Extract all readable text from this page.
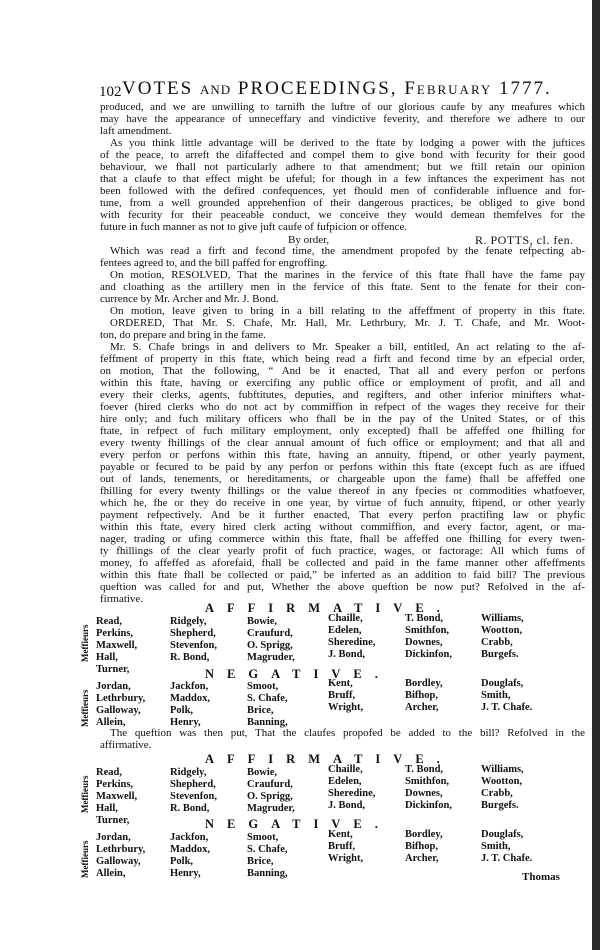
102 VOTES AND PROCEEDINGS, February 1777.
produced, and we are unwilling to tarnifh the luftre of our glorious caufe by any meafures which
may have the appearance of unneceffary and vindictive feverity, and therefore we adhere to our
laft amendment.
As you think little advantage will be derived to the ftate by lodging a power with the juftices
of the peace, to arreft the difaffected and compel them to give bond with fecurity for their good
behaviour, we fhall not particularly adhere to that amendment; but we ftill retain our opinion
that a claufe to that effect might be ufeful; for though in a few inftances the experiment has not
been followed with the defired confequences, yet fhould men of confiderable influence and for-
tune, from a well grounded apprehenfion of their dangerous practices, be obliged to give bond
with fecurity for their peaceable conduct, we conceive they would demean themfelves for the
future in fuch manner as not to give juft caufe of fufpicion or offence.
Which was read a firft and fecond time, the amendment propofed by the fenate refpecting ab-
fentees agreed to, and the bill paffed for engroffing.
On motion, RESOLVED, That the marines in the fervice of this ftate fhall have the fame pay
and cloathing as the artillery men in the fervice of this ftate. Sent to the fenate for their con-
currence by Mr. Archer and Mr. J. Bond.
On motion, leave given to bring in a bill relating to the affeffment of property in this ftate.
ORDERED, That Mr. S. Chafe, Mr. Hall, Mr. Lethrbury, Mr. J. T. Chafe, and Mr. Woot-
ton, do prepare and bring in the fame.
Mr. S. Chafe brings in and delivers to Mr. Speaker a bill, entitled, An act relating to the af-
feffment of property in this ftate, which being read a firft and fecond time by an efpecial order,
on motion, That the following, “ And be it enacted, That all and every perfon or perfons
within this ftate, having or exercifing any public office or employment of profit, and all and
every their clerks, agents, fubftitutes, deputies, and regifters, and other inferior minifters what-
foever (hired clerks who do not act by commiffion in refpect of the wages they receive for their
hire only; and fuch military officers who fhall be in the pay of the United States, or of this
ftate, in refpect of fuch military employment, only excepted) fhall be affeffed one fhilling for
every twenty fhillings of the clear annual amount of fuch office or employment; and that all and
every perfon or perfons within this ftate, having an annuity, ftipend, or other yearly payment,
payable or fecured to be paid by any perfon or perfons within this ftate (except fuch as are iffued
out of lands, tenements, or hereditaments, or chargeable upon the fame) fhall be affeffed one
fhilling for every twenty fhillings or the value thereof in any fpecies or commodities whatfoever,
which he, fhe or they do receive in one year, by virtue of fuch annuity, ftipend, or other yearly
payment refpectively. And be it further enacted, That every perfon practifing law or phyfic
within this ftate, every hired clerk acting without commiffion, and every factor, agent, or ma-
nager, trading or ufing commerce within this ftate, fhall be affeffed one fhilling for every twen-
ty fhillings of the clear yearly profit of fuch practice, wages, or factorage: All which fums of
money, fo affeffed as aforefaid, fhall be collected and paid in the fame manner other affeffments
within this ftate fhall be collected or paid,” be inferted as an addition to faid bill? The previous
queftion was called for and put, Whether the above queftion be now put? Refolved in the af-
firmative.
By order,	R. POTTS, cl. fen.
The queftion was then put, That the claufes propofed be added to the bill? Refolved in the
affirmative.
AFFIRMATIVE.
Meffieurs
Read,
Perkins,
Maxwell,
Hall,
Turner,
Ridgely,
Shepherd,
Stevenfon,
R. Bond,
Bowie,
Craufurd,
O. Sprigg,
Magruder,
Chaille,
Edelen,
Sheredine,
J. Bond,
T. Bond,
Smithfon,
Downes,
Dickinfon,
Williams,
Wootton,
Crabb,
Burgefs.
NEGATIVE.
Meffieurs
Jordan,
Lethrbury,
Galloway,
Allein,
Jackfon,
Maddox,
Polk,
Henry,
Smoot,
S. Chafe,
Brice,
Banning,
Kent,
Bruff,
Wright,
Bordley,
Bifhop,
Archer,
Douglafs,
Smith,
J. T. Chafe.
AFFIRMATIVE.
Meffieurs
Read,
Perkins,
Maxwell,
Hall,
Turner,
Ridgely,
Shepherd,
Stevenfon,
R. Bond,
Bowie,
Craufurd,
O. Sprigg,
Magruder,
Chaille,
Edelen,
Sheredine,
J. Bond,
T. Bond,
Smithfon,
Downes,
Dickinfon,
Williams,
Wootton,
Crabb,
Burgefs.
NEGATIVE.
Meffieurs
Jordan,
Lethrbury,
Galloway,
Allein,
Jackfon,
Maddox,
Polk,
Henry,
Smoot,
S. Chafe,
Brice,
Banning,
Kent,
Bruff,
Wright,
Bordley,
Bifhop,
Archer,
Douglafs,
Smith,
J. T. Chafe.
Thomas
